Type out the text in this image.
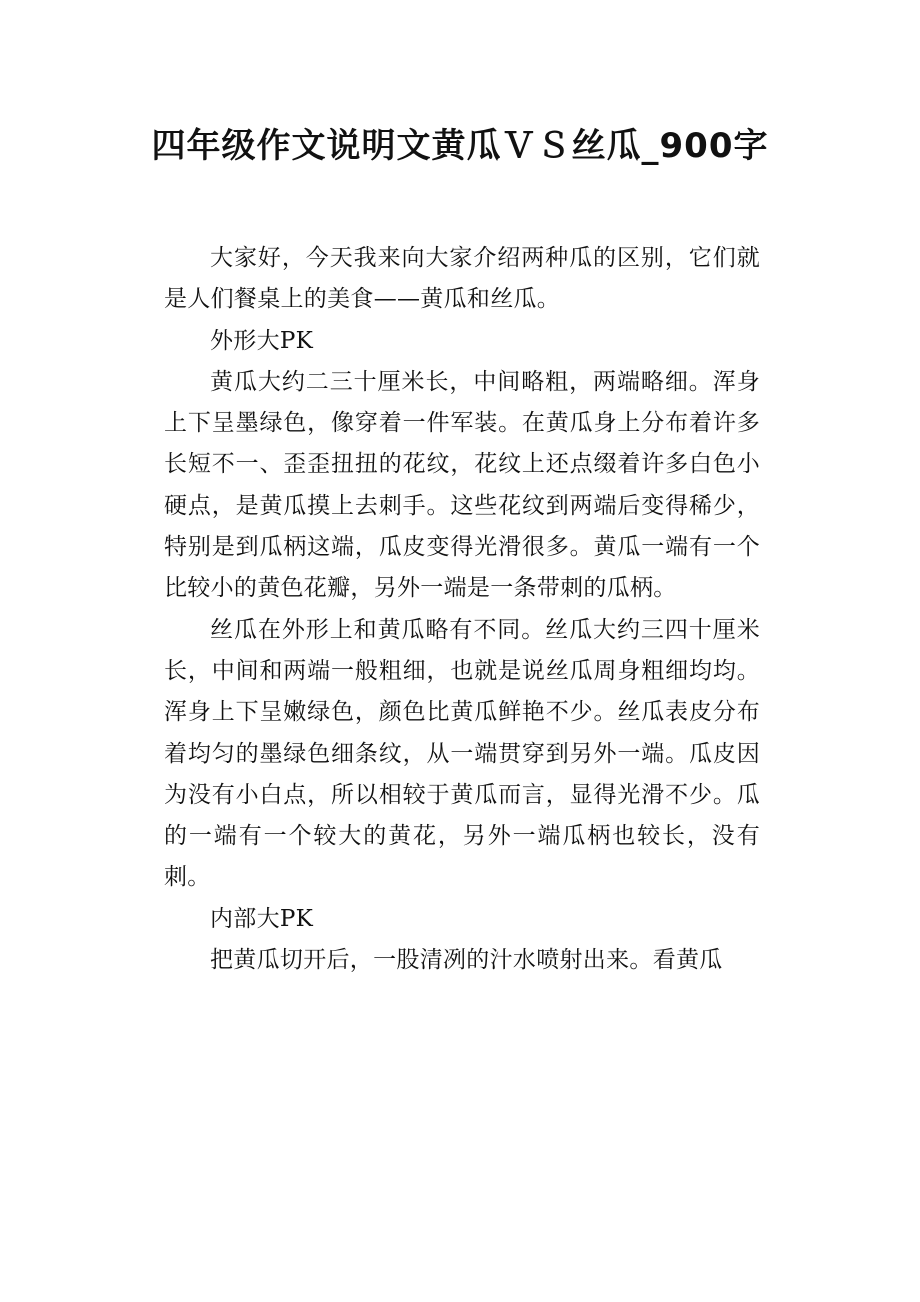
四年级作文说明文黄瓜ＶＳ丝瓜_900字

大家好，今天我来向大家介绍两种瓜的区别，它们就是人们餐桌上的美食——黄瓜和丝瓜。

外形大PK

黄瓜大约二三十厘米长，中间略粗，两端略细。浑身上下呈墨绿色，像穿着一件军装。在黄瓜身上分布着许多长短不一、歪歪扭扭的花纹，花纹上还点缀着许多白色小硬点，是黄瓜摸上去刺手。这些花纹到两端后变得稀少，特别是到瓜柄这端，瓜皮变得光滑很多。黄瓜一端有一个比较小的黄色花瓣，另外一端是一条带刺的瓜柄。

丝瓜在外形上和黄瓜略有不同。丝瓜大约三四十厘米长，中间和两端一般粗细，也就是说丝瓜周身粗细均均。浑身上下呈嫩绿色，颜色比黄瓜鲜艳不少。丝瓜表皮分布着均匀的墨绿色细条纹，从一端贯穿到另外一端。瓜皮因为没有小白点，所以相较于黄瓜而言，显得光滑不少。瓜的一端有一个较大的黄花，另外一端瓜柄也较长，没有刺。

内部大PK

把黄瓜切开后，一股清冽的汁水喷射出来。看黄瓜
